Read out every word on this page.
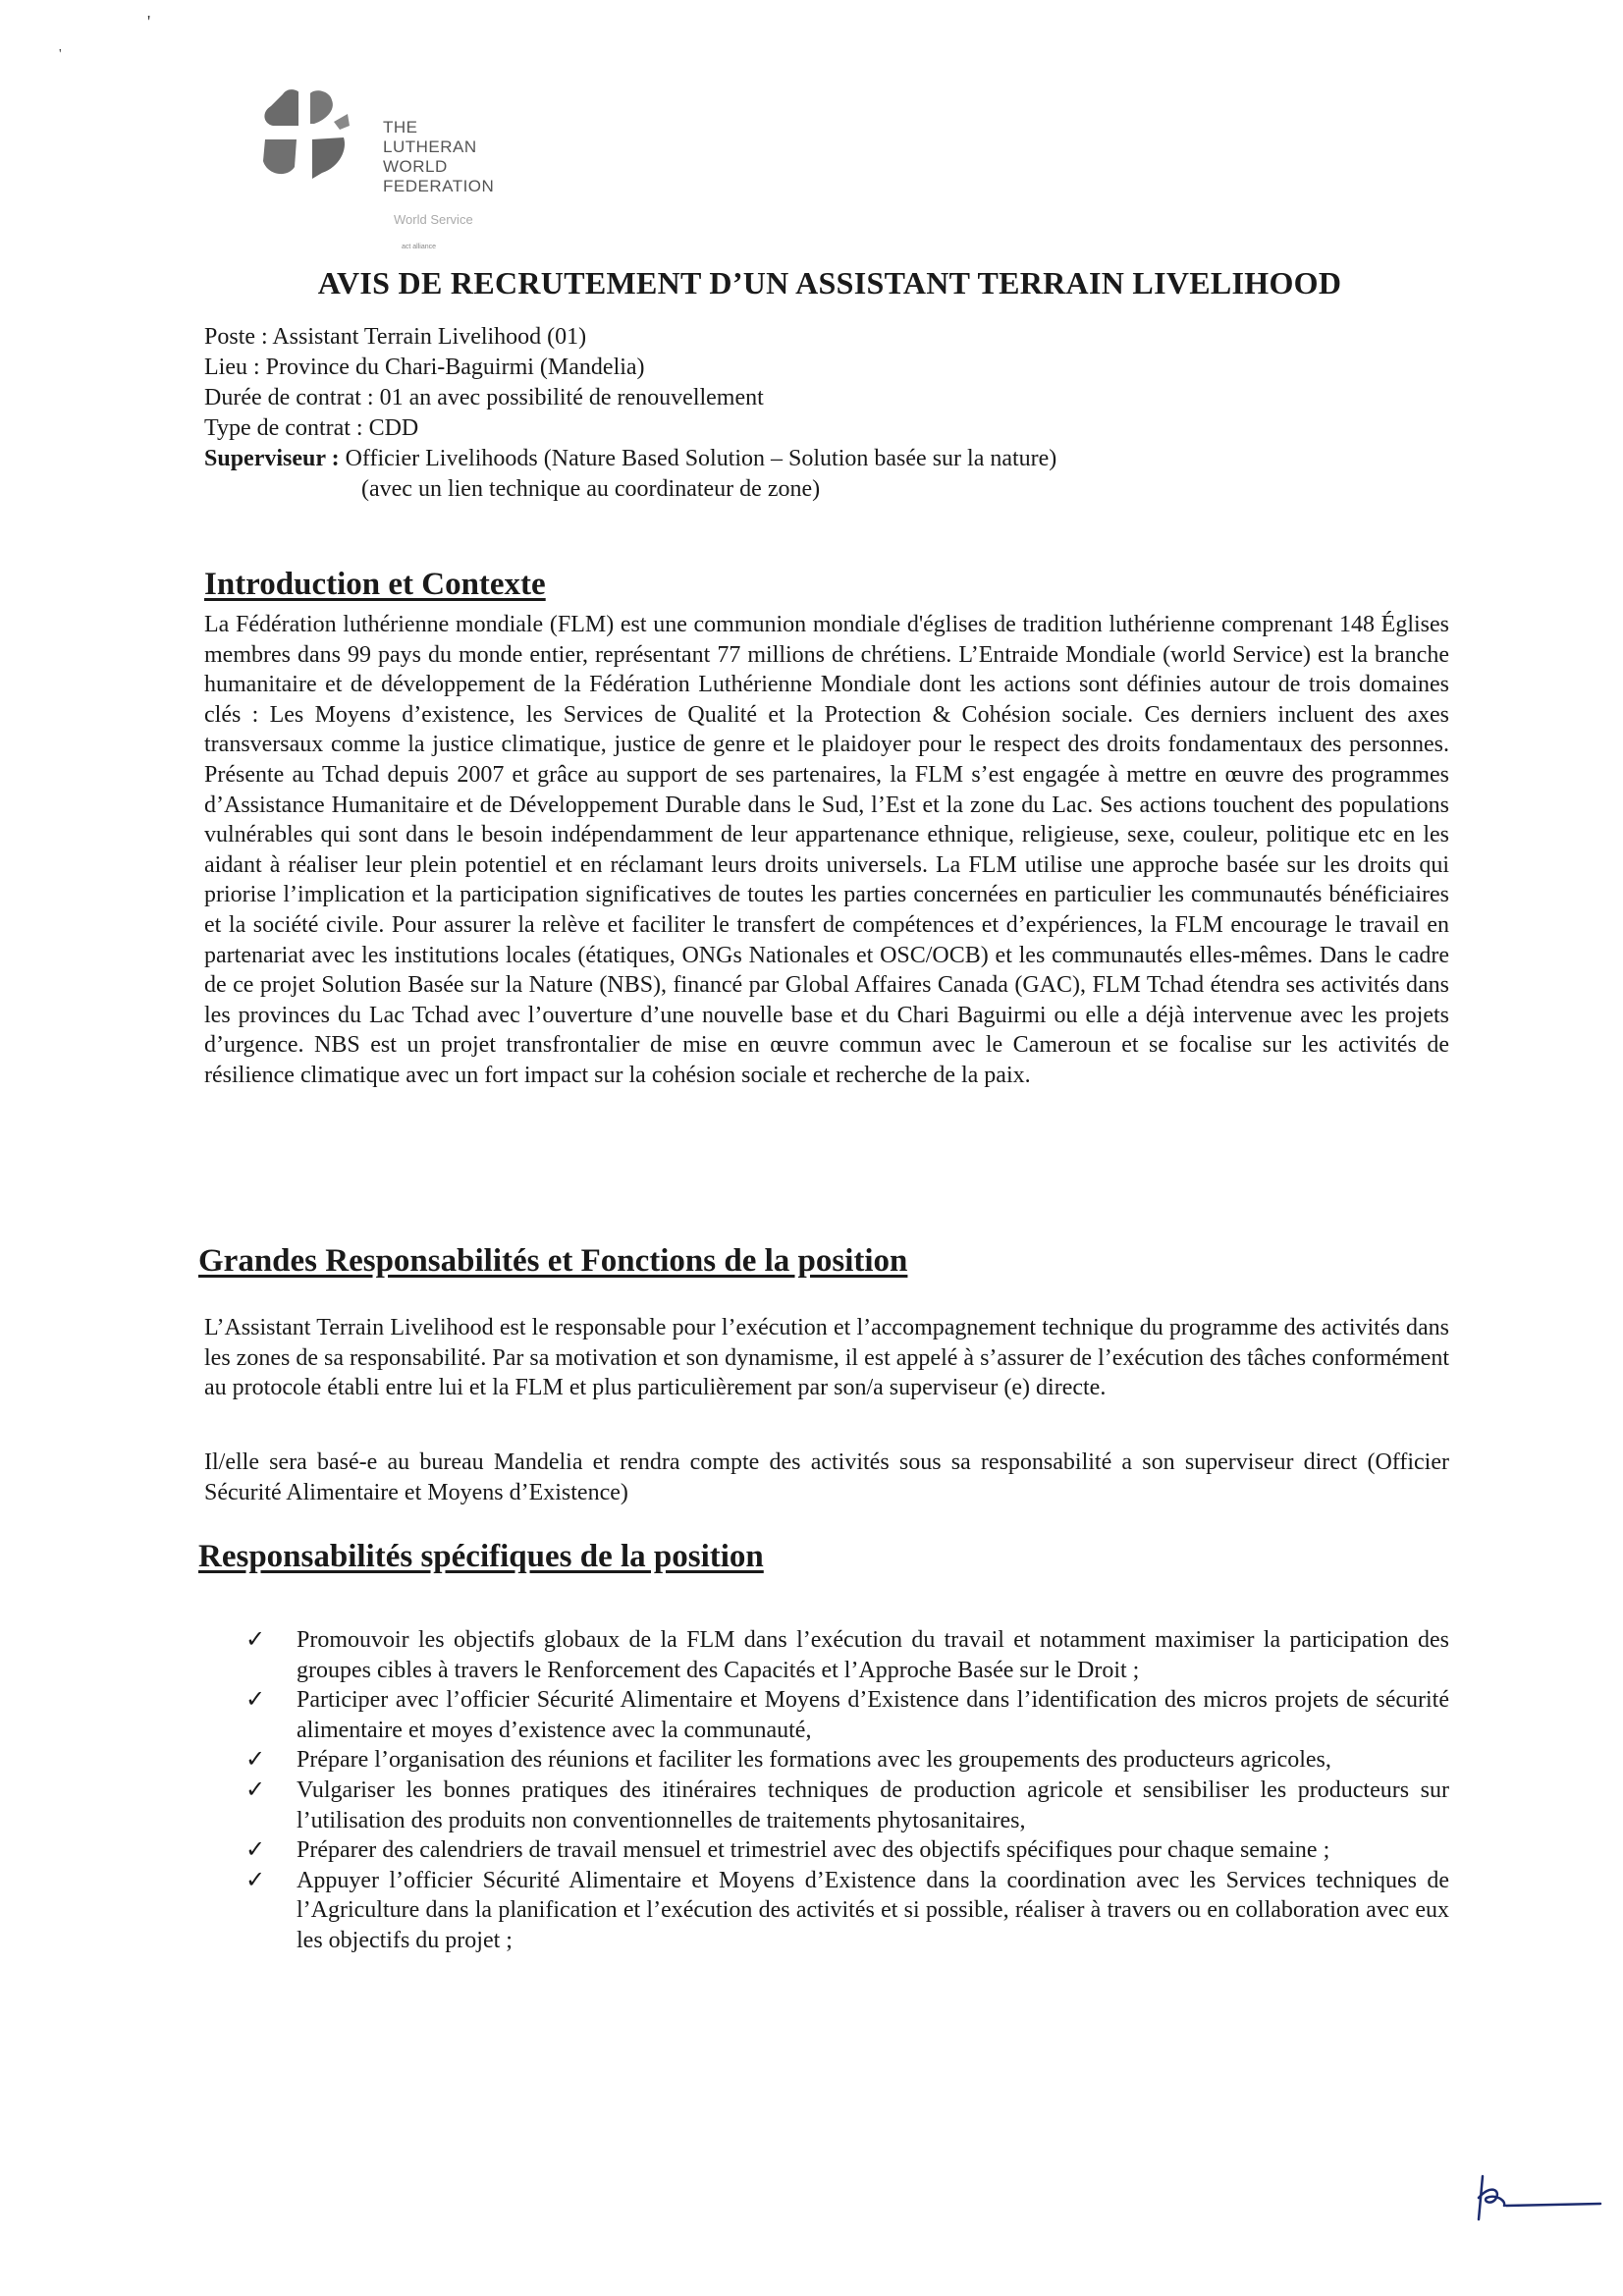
'
'
THE
LUTHERAN
WORLD
FEDERATION
World Service
act alliance
AVIS DE RECRUTEMENT D’UN ASSISTANT TERRAIN LIVELIHOOD
Poste : Assistant Terrain Livelihood (01)
Lieu : Province du Chari-Baguirmi (Mandelia)
Durée de contrat : 01 an avec possibilité de renouvellement
Type de contrat : CDD
Superviseur : Officier Livelihoods (Nature Based Solution – Solution basée sur la nature)
(avec un lien technique au coordinateur de zone)
Introduction et Contexte
La Fédération luthérienne mondiale (FLM) est une communion mondiale d'églises de tradition luthérienne comprenant 148 Églises membres dans 99 pays du monde entier, représentant 77 millions de chrétiens. L’Entraide Mondiale (world Service) est la branche humanitaire et de développement de la Fédération Luthérienne Mondiale dont les actions sont définies autour de trois domaines clés : Les Moyens d’existence, les Services de Qualité et la Protection & Cohésion sociale. Ces derniers incluent des axes transversaux comme la justice climatique, justice de genre et le plaidoyer pour le respect des droits fondamentaux des personnes. Présente au Tchad depuis 2007 et grâce au support de ses partenaires, la FLM s’est engagée à mettre en œuvre des programmes d’Assistance Humanitaire et de Développement Durable dans le Sud, l’Est et la zone du Lac. Ses actions touchent des populations vulnérables qui sont dans le besoin indépendamment de leur appartenance ethnique, religieuse, sexe, couleur, politique etc en les aidant à réaliser leur plein potentiel et en réclamant leurs droits universels. La FLM utilise une approche basée sur les droits qui priorise l’implication et la participation significatives de toutes les parties concernées en particulier les communautés bénéficiaires et la société civile. Pour assurer la relève et faciliter le transfert de compétences et d’expériences, la FLM encourage le travail en partenariat avec les institutions locales (étatiques, ONGs Nationales et OSC/OCB) et les communautés elles-mêmes. Dans le cadre de ce projet Solution Basée sur la Nature (NBS), financé par Global Affaires Canada (GAC), FLM Tchad étendra ses activités dans les provinces du Lac Tchad avec l’ouverture d’une nouvelle base et du Chari Baguirmi ou elle a déjà intervenue avec les projets d’urgence. NBS est un projet transfrontalier de mise en œuvre commun avec le Cameroun et se focalise sur les activités de résilience climatique avec un fort impact sur la cohésion sociale et recherche de la paix.
Grandes Responsabilités et Fonctions de la position
L’Assistant Terrain Livelihood est le responsable pour l’exécution et l’accompagnement technique du programme des activités dans les zones de sa responsabilité. Par sa motivation et son dynamisme, il est appelé à s’assurer de l’exécution des tâches conformément au protocole établi entre lui et la FLM et plus particulièrement par son/a superviseur (e) directe.
Il/elle sera basé-e au bureau Mandelia et rendra compte des activités sous sa responsabilité a son superviseur direct (Officier Sécurité Alimentaire et Moyens d’Existence)
Responsabilités spécifiques de la position
✓ Promouvoir les objectifs globaux de la FLM dans l’exécution du travail et notamment maximiser la participation des groupes cibles à travers le Renforcement des Capacités et l’Approche Basée sur le Droit ;
✓ Participer avec l’officier Sécurité Alimentaire et Moyens d’Existence dans l’identification des micros projets de sécurité alimentaire et moyes d’existence avec la communauté,
✓ Prépare l’organisation des réunions et faciliter les formations avec les groupements des producteurs agricoles,
✓ Vulgariser les bonnes pratiques des itinéraires techniques de production agricole et sensibiliser les producteurs sur l’utilisation des produits non conventionnelles de traitements phytosanitaires,
✓ Préparer des calendriers de travail mensuel et trimestriel avec des objectifs spécifiques pour chaque semaine ;
✓ Appuyer l’officier Sécurité Alimentaire et Moyens d’Existence dans la coordination avec les Services techniques de l’Agriculture dans la planification et l’exécution des activités et si possible, réaliser à travers ou en collaboration avec eux les objectifs du projet ;
